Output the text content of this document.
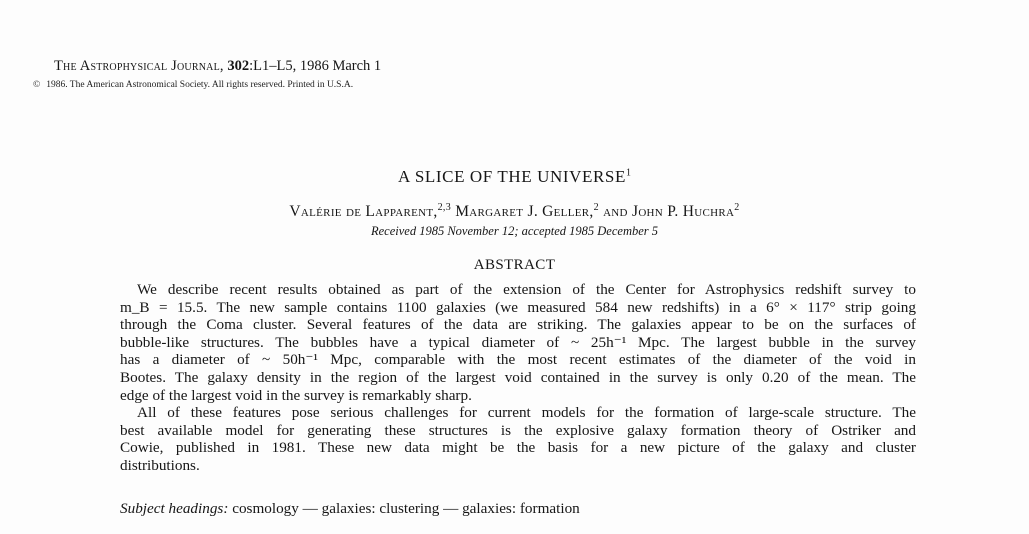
The Astrophysical Journal, 302:L1–L5, 1986 March 1
© 1986. The American Astronomical Society. All rights reserved. Printed in U.S.A.
A SLICE OF THE UNIVERSE$^1$
Valérie de Lapparent,$^{2,3}$ Margaret J. Geller,$^2$ and John P. Huchra$^2$
Received 1985 November 12; accepted 1985 December 5
ABSTRACT
We describe recent results obtained as part of the extension of the Center for Astrophysics redshift survey to
m_B = 15.5. The new sample contains 1100 galaxies (we measured 584 new redshifts) in a 6° × 117° strip going
through the Coma cluster. Several features of the data are striking. The galaxies appear to be on the surfaces of
bubble-like structures. The bubbles have a typical diameter of ~ 25h⁻¹ Mpc. The largest bubble in the survey
has a diameter of ~ 50h⁻¹ Mpc, comparable with the most recent estimates of the diameter of the void in
Bootes. The galaxy density in the region of the largest void contained in the survey is only 0.20 of the mean. The
edge of the largest void in the survey is remarkably sharp.
All of these features pose serious challenges for current models for the formation of large-scale structure. The
best available model for generating these structures is the explosive galaxy formation theory of Ostriker and
Cowie, published in 1981. These new data might be the basis for a new picture of the galaxy and cluster
distributions.
Subject headings: cosmology — galaxies: clustering — galaxies: formation
